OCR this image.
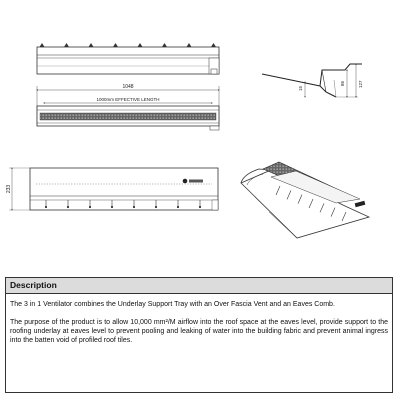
15
86	127
1048
1000mm EFFECTIVE LENGTH
233
Description

The 3 in 1 Ventilator combines the Underlay Support Tray with an Over Fascia Vent and an Eaves Comb.

The purpose of the product is to allow 10,000 mm²/M airflow into the roof space at the eaves level, provide support to the roofing underlay at eaves level to prevent pooling and leaking of water into the building fabric and prevent animal ingress into the batten void of profiled roof tiles.
